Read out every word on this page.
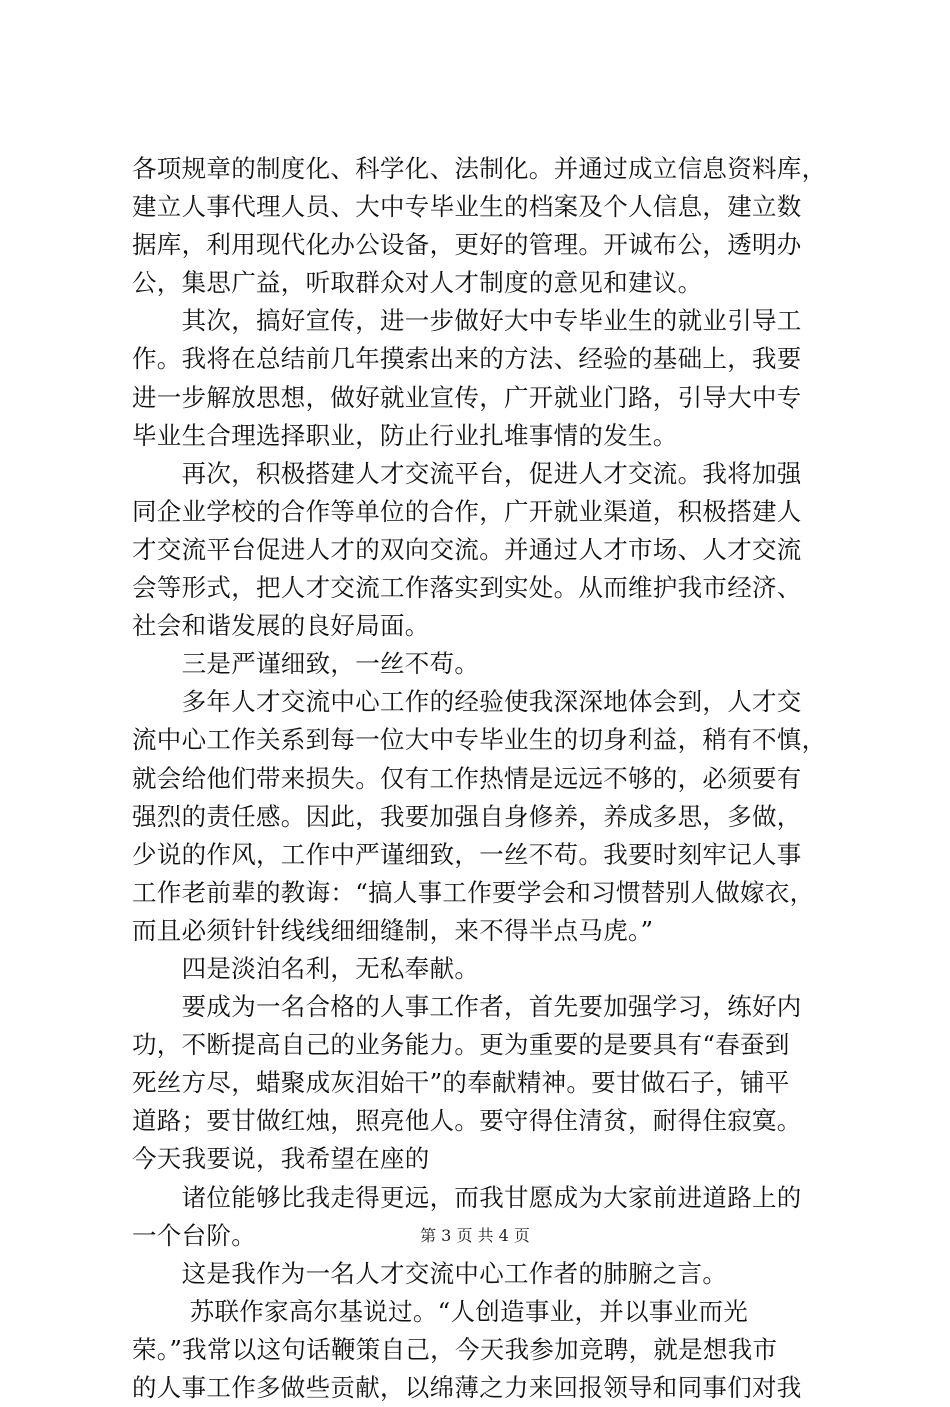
各项规章的制度化、科学化、法制化。并通过成立信息资料库，
建立人事代理人员、大中专毕业生的档案及个人信息，建立数
据库，利用现代化办公设备，更好的管理。开诚布公，透明办
公，集思广益，听取群众对人才制度的意见和建议。
　　其次，搞好宣传，进一步做好大中专毕业生的就业引导工
作。我将在总结前几年摸索出来的方法、经验的基础上，我要
进一步解放思想，做好就业宣传，广开就业门路，引导大中专
毕业生合理选择职业，防止行业扎堆事情的发生。
　　再次，积极搭建人才交流平台，促进人才交流。我将加强
同企业学校的合作等单位的合作，广开就业渠道，积极搭建人
才交流平台促进人才的双向交流。并通过人才市场、人才交流
会等形式，把人才交流工作落实到实处。从而维护我市经济、
社会和谐发展的良好局面。
　　三是严谨细致，一丝不苟。
　　多年人才交流中心工作的经验使我深深地体会到，人才交
流中心工作关系到每一位大中专毕业生的切身利益，稍有不慎，
就会给他们带来损失。仅有工作热情是远远不够的，必须要有
强烈的责任感。因此，我要加强自身修养，养成多思，多做，
少说的作风，工作中严谨细致，一丝不苟。我要时刻牢记人事
工作老前辈的教诲：“搞人事工作要学会和习惯替别人做嫁衣，
而且必须针针线线细细缝制，来不得半点马虎。”
　　四是淡泊名利，无私奉献。
　　要成为一名合格的人事工作者，首先要加强学习，练好内
功，不断提高自己的业务能力。更为重要的是要具有“春蚕到
死丝方尽，蜡聚成灰泪始干”的奉献精神。要甘做石子，铺平
道路；要甘做红烛，照亮他人。要守得住清贫，耐得住寂寞。
今天我要说，我希望在座的
　　诸位能够比我走得更远，而我甘愿成为大家前进道路上的
一个台阶。
　　这是我作为一名人才交流中心工作者的肺腑之言。
　　 苏联作家高尔基说过。“人创造事业，并以事业而光
荣。”我常以这句话鞭策自己，今天我参加竞聘，就是想我市
的人事工作多做些贡献，以绵薄之力来回报领导和同事们对我
第 3 页 共 4 页
